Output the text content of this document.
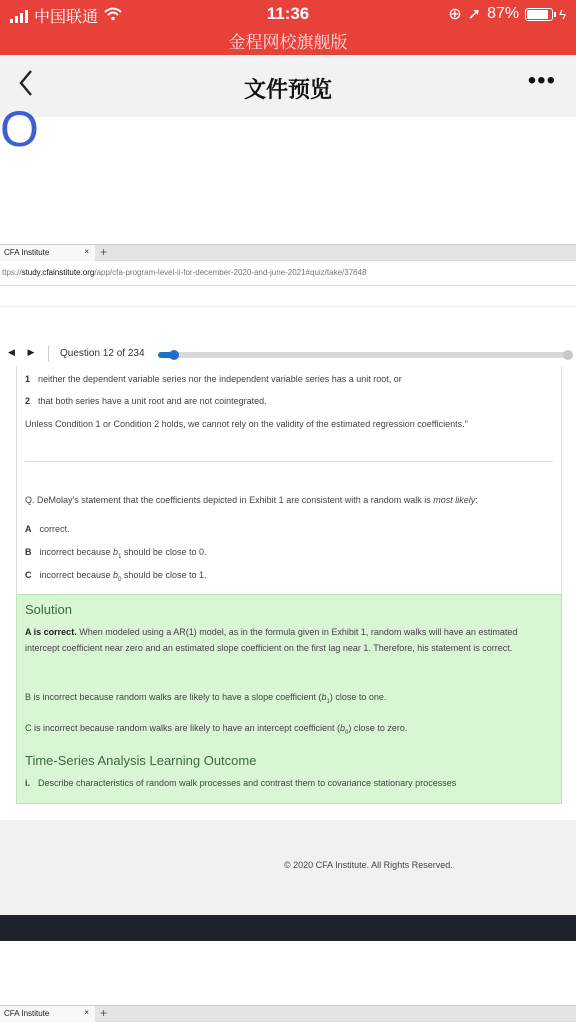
中国联通	11:36	⊕ ➚ 87%	ϟ
金程网校旗舰版
文件预览	•••
O
CFA Institute	× +
ttps://study.cfainstitute.org/app/cfa-program-level-ii-for-december-2020-and-june-2021#quiz/take/37648
◀ ▶	Question 12 of 234
1 neither the dependent variable series nor the independent variable series has a unit root, or
2 that both series have a unit root and are not cointegrated.
Unless Condition 1 or Condition 2 holds, we cannot rely on the validity of the estimated regression coefficients."
Q. DeMolay's statement that the coefficients depicted in Exhibit 1 are consistent with a random walk is most likely:
A correct.
B incorrect because $b_1$ should be close to 0.
C incorrect because $b_0$ should be close to 1.
Solution
A is correct. When modeled using a AR(1) model, as in the formula given in Exhibit 1, random walks will have an estimated intercept coefficient near zero and an estimated slope coefficient on the first lag near 1. Therefore, his statement is correct.
B is incorrect because random walks are likely to have a slope coefficient $(b_1)$ close to one.
C is incorrect because random walks are likely to have an intercept coefficient $(b_0)$ close to zero.
Time-Series Analysis Learning Outcome
i. Describe characteristics of random walk processes and contrast them to covariance stationary processes
© 2020 CFA Institute. All Rights Reserved.
CFA Institute	× +
